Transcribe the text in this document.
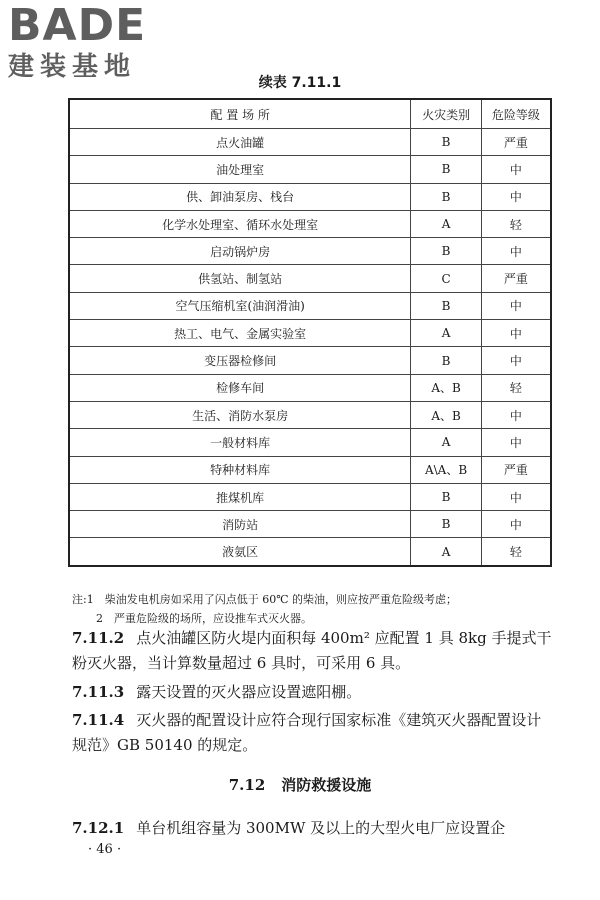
BADE
建装基地
续表 7.11.1
配 置 场 所	火灾类别	危险等级
点火油罐	B	严重
油处理室	B	中
供、卸油泵房、栈台	B	中
化学水处理室、循环水处理室	A	轻
启动锅炉房	B	中
供氢站、制氢站	C	严重
空气压缩机室(油润滑油)	B	中
热工、电气、金属实验室	A	中
变压器检修间	B	中
检修车间	A、B	轻
生活、消防水泵房	A、B	中
一般材料库	A	中
特种材料库	A\A、B	严重
推煤机库	B	中
消防站	B	中
液氨区	A	轻
注:1　柴油发电机房如采用了闪点低于 60℃ 的柴油，则应按严重危险级考虑；
2　严重危险级的场所，应设推车式灭火器。
7.11.2 点火油罐区防火堤内面积每 400m² 应配置 1 具 8kg 手提式干粉灭火器，当计算数量超过 6 具时，可采用 6 具。
7.11.3 露天设置的灭火器应设置遮阳棚。
7.11.4 灭火器的配置设计应符合现行国家标准《建筑灭火器配置设计规范》GB 50140 的规定。
7.12 消防救援设施
7.12.1 单台机组容量为 300MW 及以上的大型火电厂应设置企
· 46 ·
